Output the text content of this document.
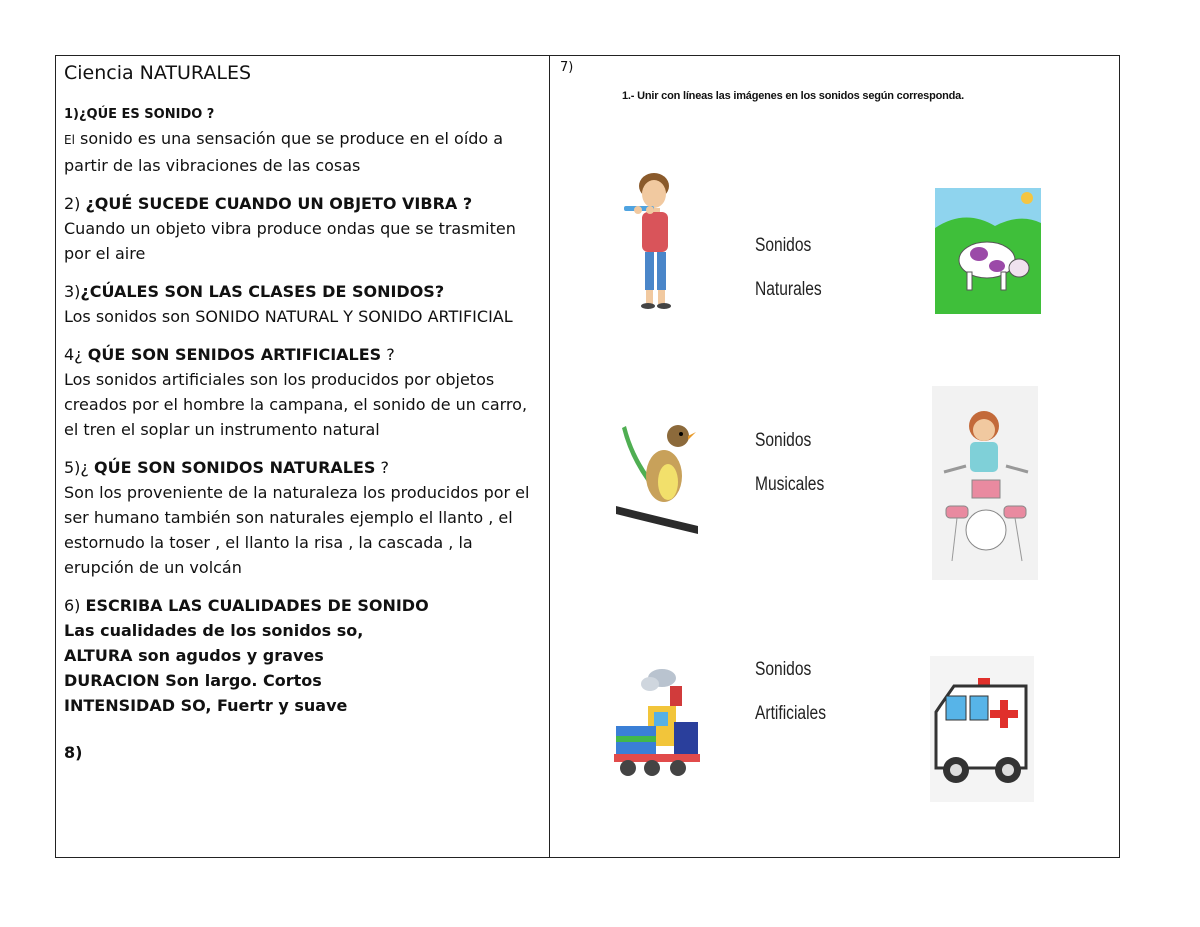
Ciencia NATURALES

1)¿QÚE ES SONIDO ?
El sonido es una sensación que se produce en el oído a partir de las vibraciones de las cosas

2) ¿QUÉ SUCEDE CUANDO UN OBJETO VIBRA ?
Cuando un objeto vibra produce ondas que se trasmiten por el aire

3)¿CÚALES SON LAS CLASES DE SONIDOS?
Los sonidos son SONIDO NATURAL Y SONIDO ARTIFICIAL

4¿ QÚE SON SENIDOS ARTIFICIALES ?
Los sonidos artificiales son los producidos por objetos creados por el hombre la campana, el sonido de un carro, el tren el soplar un instrumento natural

5)¿ QÚE SON SONIDOS NATURALES ?
Son los proveniente de la naturaleza los producidos por el ser humano también son naturales ejemplo el llanto , el estornudo la toser , el llanto la risa , la cascada , la erupción de un volcán

6) ESCRIBA LAS CUALIDADES DE SONIDO
Las cualidades de los sonidos so,
ALTURA son agudos y graves
DURACION Son largo. Cortos
INTENSIDAD SO, Fuertr y suave

8)

7)
1.- Unir con líneas las imágenes en los sonidos según corresponda.
Sonidos
Naturales
Sonidos
Musicales
Sonidos
Artificiales
